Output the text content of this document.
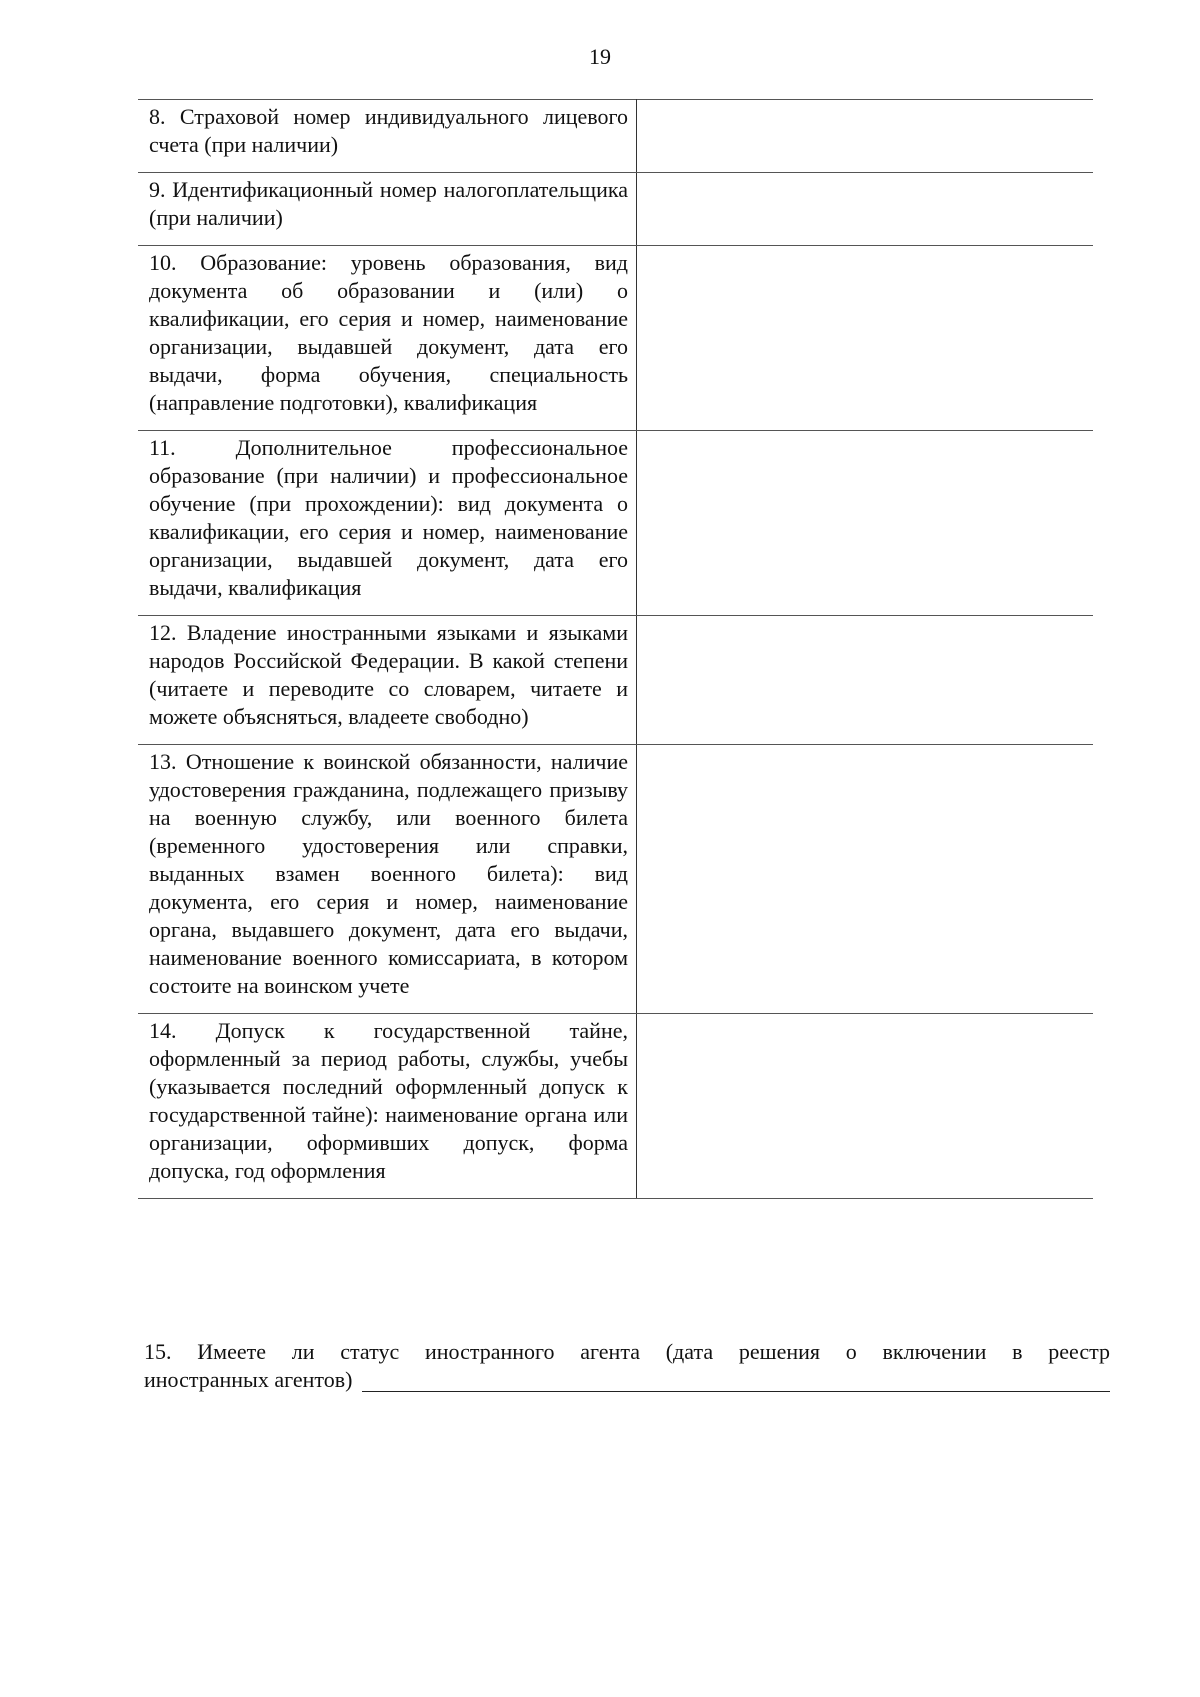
19
8. Страховой номер индивидуального лицевого счета (при наличии)	
9. Идентификационный номер налогоплательщика (при наличии)	
10. Образование: уровень образования, вид документа об образовании и (или) о квалификации, его серия и номер, наименование организации, выдавшей документ, дата его выдачи, форма обучения, специальность (направление подготовки), квалификация	
11. Дополнительное профессиональное образование (при наличии) и профессиональное обучение (при прохождении): вид документа о квалификации, его серия и номер, наименование организации, выдавшей документ, дата его выдачи, квалификация	
12. Владение иностранными языками и языками народов Российской Федерации. В какой степени (читаете и переводите со словарем, читаете и можете объясняться, владеете свободно)	
13. Отношение к воинской обязанности, наличие удостоверения гражданина, подлежащего призыву на военную службу, или военного билета (временного удостоверения или справки, выданных взамен военного билета): вид документа, его серия и номер, наименование органа, выдавшего документ, дата его выдачи, наименование военного комиссариата, в котором состоите на воинском учете	
14. Допуск к государственной тайне, оформленный за период работы, службы, учебы (указывается последний оформленный допуск к государственной тайне): наименование органа или организации, оформивших допуск, форма допуска, год оформления	
15. Имеете ли статус иностранного агента (дата решения о включении в реестр
иностранных агентов)
